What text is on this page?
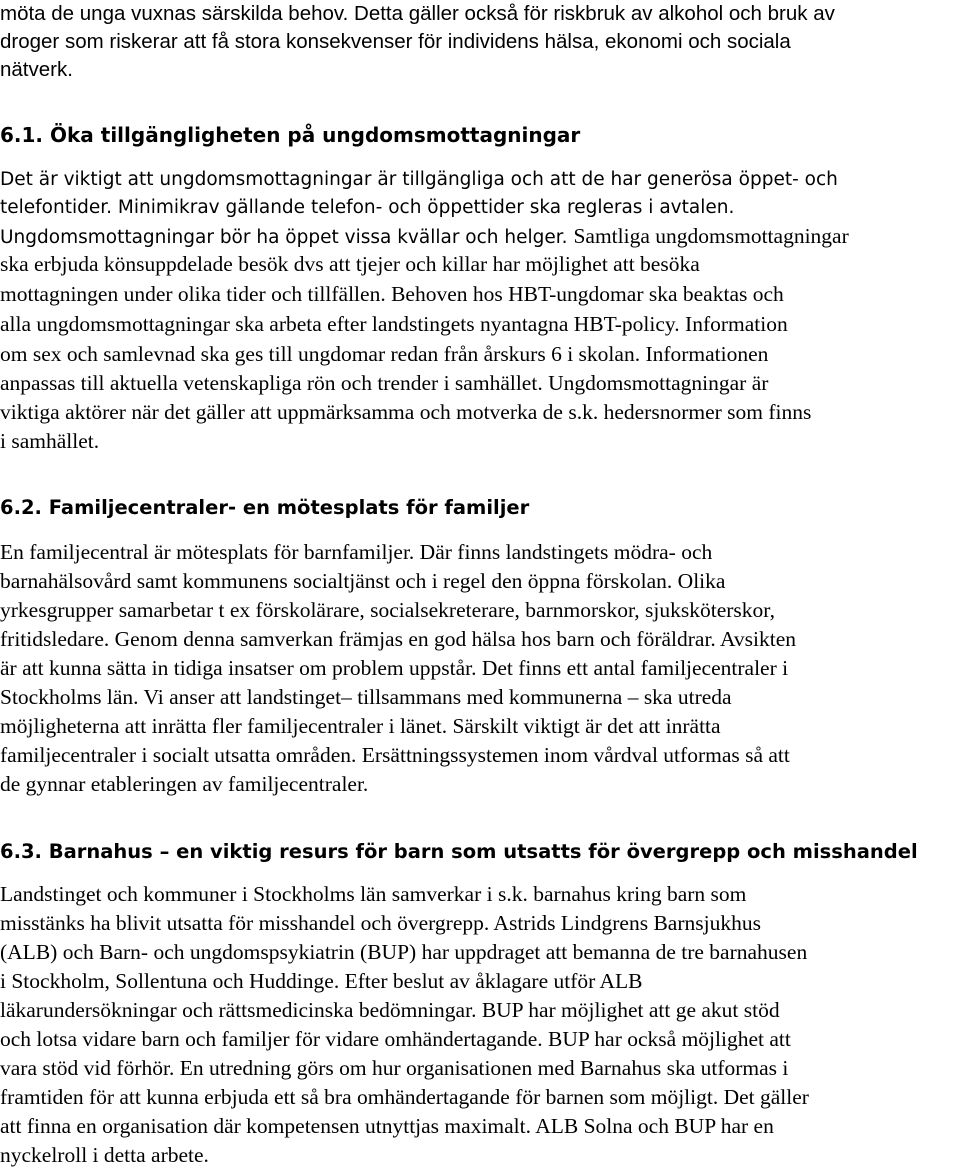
möta de unga vuxnas särskilda behov. Detta gäller också för riskbruk av alkohol och bruk av
droger som riskerar att få stora konsekvenser för individens hälsa, ekonomi och sociala
nätverk.
6.1. Öka tillgängligheten på ungdomsmottagningar
Det är viktigt att ungdomsmottagningar är tillgängliga och att de har generösa öppet- och
telefontider. Minimikrav gällande telefon- och öppettider ska regleras i avtalen.
Ungdomsmottagningar bör ha öppet vissa kvällar och helger. Samtliga ungdomsmottagningar
ska erbjuda könsuppdelade besök dvs att tjejer och killar har möjlighet att besöka
mottagningen under olika tider och tillfällen. Behoven hos HBT-ungdomar ska beaktas och
alla ungdomsmottagningar ska arbeta efter landstingets nyantagna HBT-policy. Information
om sex och samlevnad ska ges till ungdomar redan från årskurs 6 i skolan. Informationen
anpassas till aktuella vetenskapliga rön och trender i samhället. Ungdomsmottagningar är
viktiga aktörer när det gäller att uppmärksamma och motverka de s.k. hedersnormer som finns
i samhället.
6.2. Familjecentraler- en mötesplats för familjer
En familjecentral är mötesplats för barnfamiljer. Där finns landstingets mödra- och
barnahälsovård samt kommunens socialtjänst och i regel den öppna förskolan. Olika
yrkesgrupper samarbetar t ex förskolärare, socialsekreterare, barnmorskor, sjuksköterskor,
fritidsledare. Genom denna samverkan främjas en god hälsa hos barn och föräldrar. Avsikten
är att kunna sätta in tidiga insatser om problem uppstår. Det finns ett antal familjecentraler i
Stockholms län. Vi anser att landstinget– tillsammans med kommunerna – ska utreda
möjligheterna att inrätta fler familjecentraler i länet. Särskilt viktigt är det att inrätta
familjecentraler i socialt utsatta områden. Ersättningssystemen inom vårdval utformas så att
de gynnar etableringen av familjecentraler.
6.3. Barnahus – en viktig resurs för barn som utsatts för övergrepp och misshandel
Landstinget och kommuner i Stockholms län samverkar i s.k. barnahus kring barn som
misstänks ha blivit utsatta för misshandel och övergrepp. Astrids Lindgrens Barnsjukhus
(ALB) och Barn- och ungdomspsykiatrin (BUP) har uppdraget att bemanna de tre barnahusen
i Stockholm, Sollentuna och Huddinge. Efter beslut av åklagare utför ALB
läkarundersökningar och rättsmedicinska bedömningar. BUP har möjlighet att ge akut stöd
och lotsa vidare barn och familjer för vidare omhändertagande. BUP har också möjlighet att
vara stöd vid förhör. En utredning görs om hur organisationen med Barnahus ska utformas i
framtiden för att kunna erbjuda ett så bra omhändertagande för barnen som möjligt. Det gäller
att finna en organisation där kompetensen utnyttjas maximalt. ALB Solna och BUP har en
nyckelroll i detta arbete.
